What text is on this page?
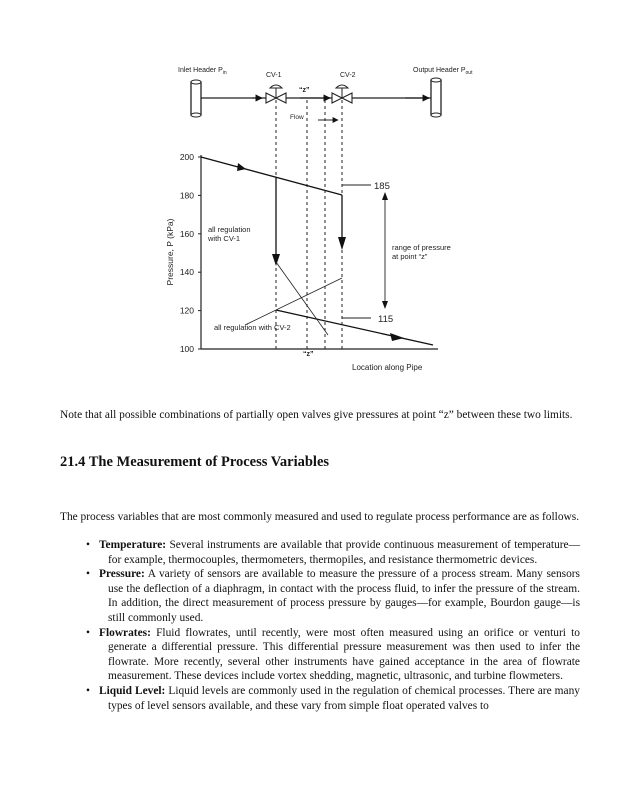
Inlet Header $P_{in}$	CV-1
“z”
CV-2
Output Header $P_{out}$
Flow
100
120
140
160
180
200
Pressure, P (kPa)
Location along Pipe
“z”
185
115
range of pressure at point “z”
all regulation with CV-1
all regulation with CV-2
Note that all possible combinations of partially open valves give pressures at point “z” between these two limits.
21.4 The Measurement of Process Variables
The process variables that are most commonly measured and used to regulate process performance are as follows.
• Temperature: Several instruments are available that provide continuous measurement of temperature—for example, thermocouples, thermometers, thermopiles, and resistance thermometric devices.
• Pressure: A variety of sensors are available to measure the pressure of a process stream. Many sensors use the deflection of a diaphragm, in contact with the process fluid, to infer the pressure of the stream. In addition, the direct measurement of process pressure by gauges—for example, Bourdon gauge—is still commonly used.
• Flowrates: Fluid flowrates, until recently, were most often measured using an orifice or venturi to generate a differential pressure. This differential pressure measurement was then used to infer the flowrate. More recently, several other instruments have gained acceptance in the area of flowrate measurement. These devices include vortex shedding, magnetic, ultrasonic, and turbine flowmeters.
• Liquid Level: Liquid levels are commonly used in the regulation of chemical processes. There are many types of level sensors available, and these vary from simple float operated valves to
